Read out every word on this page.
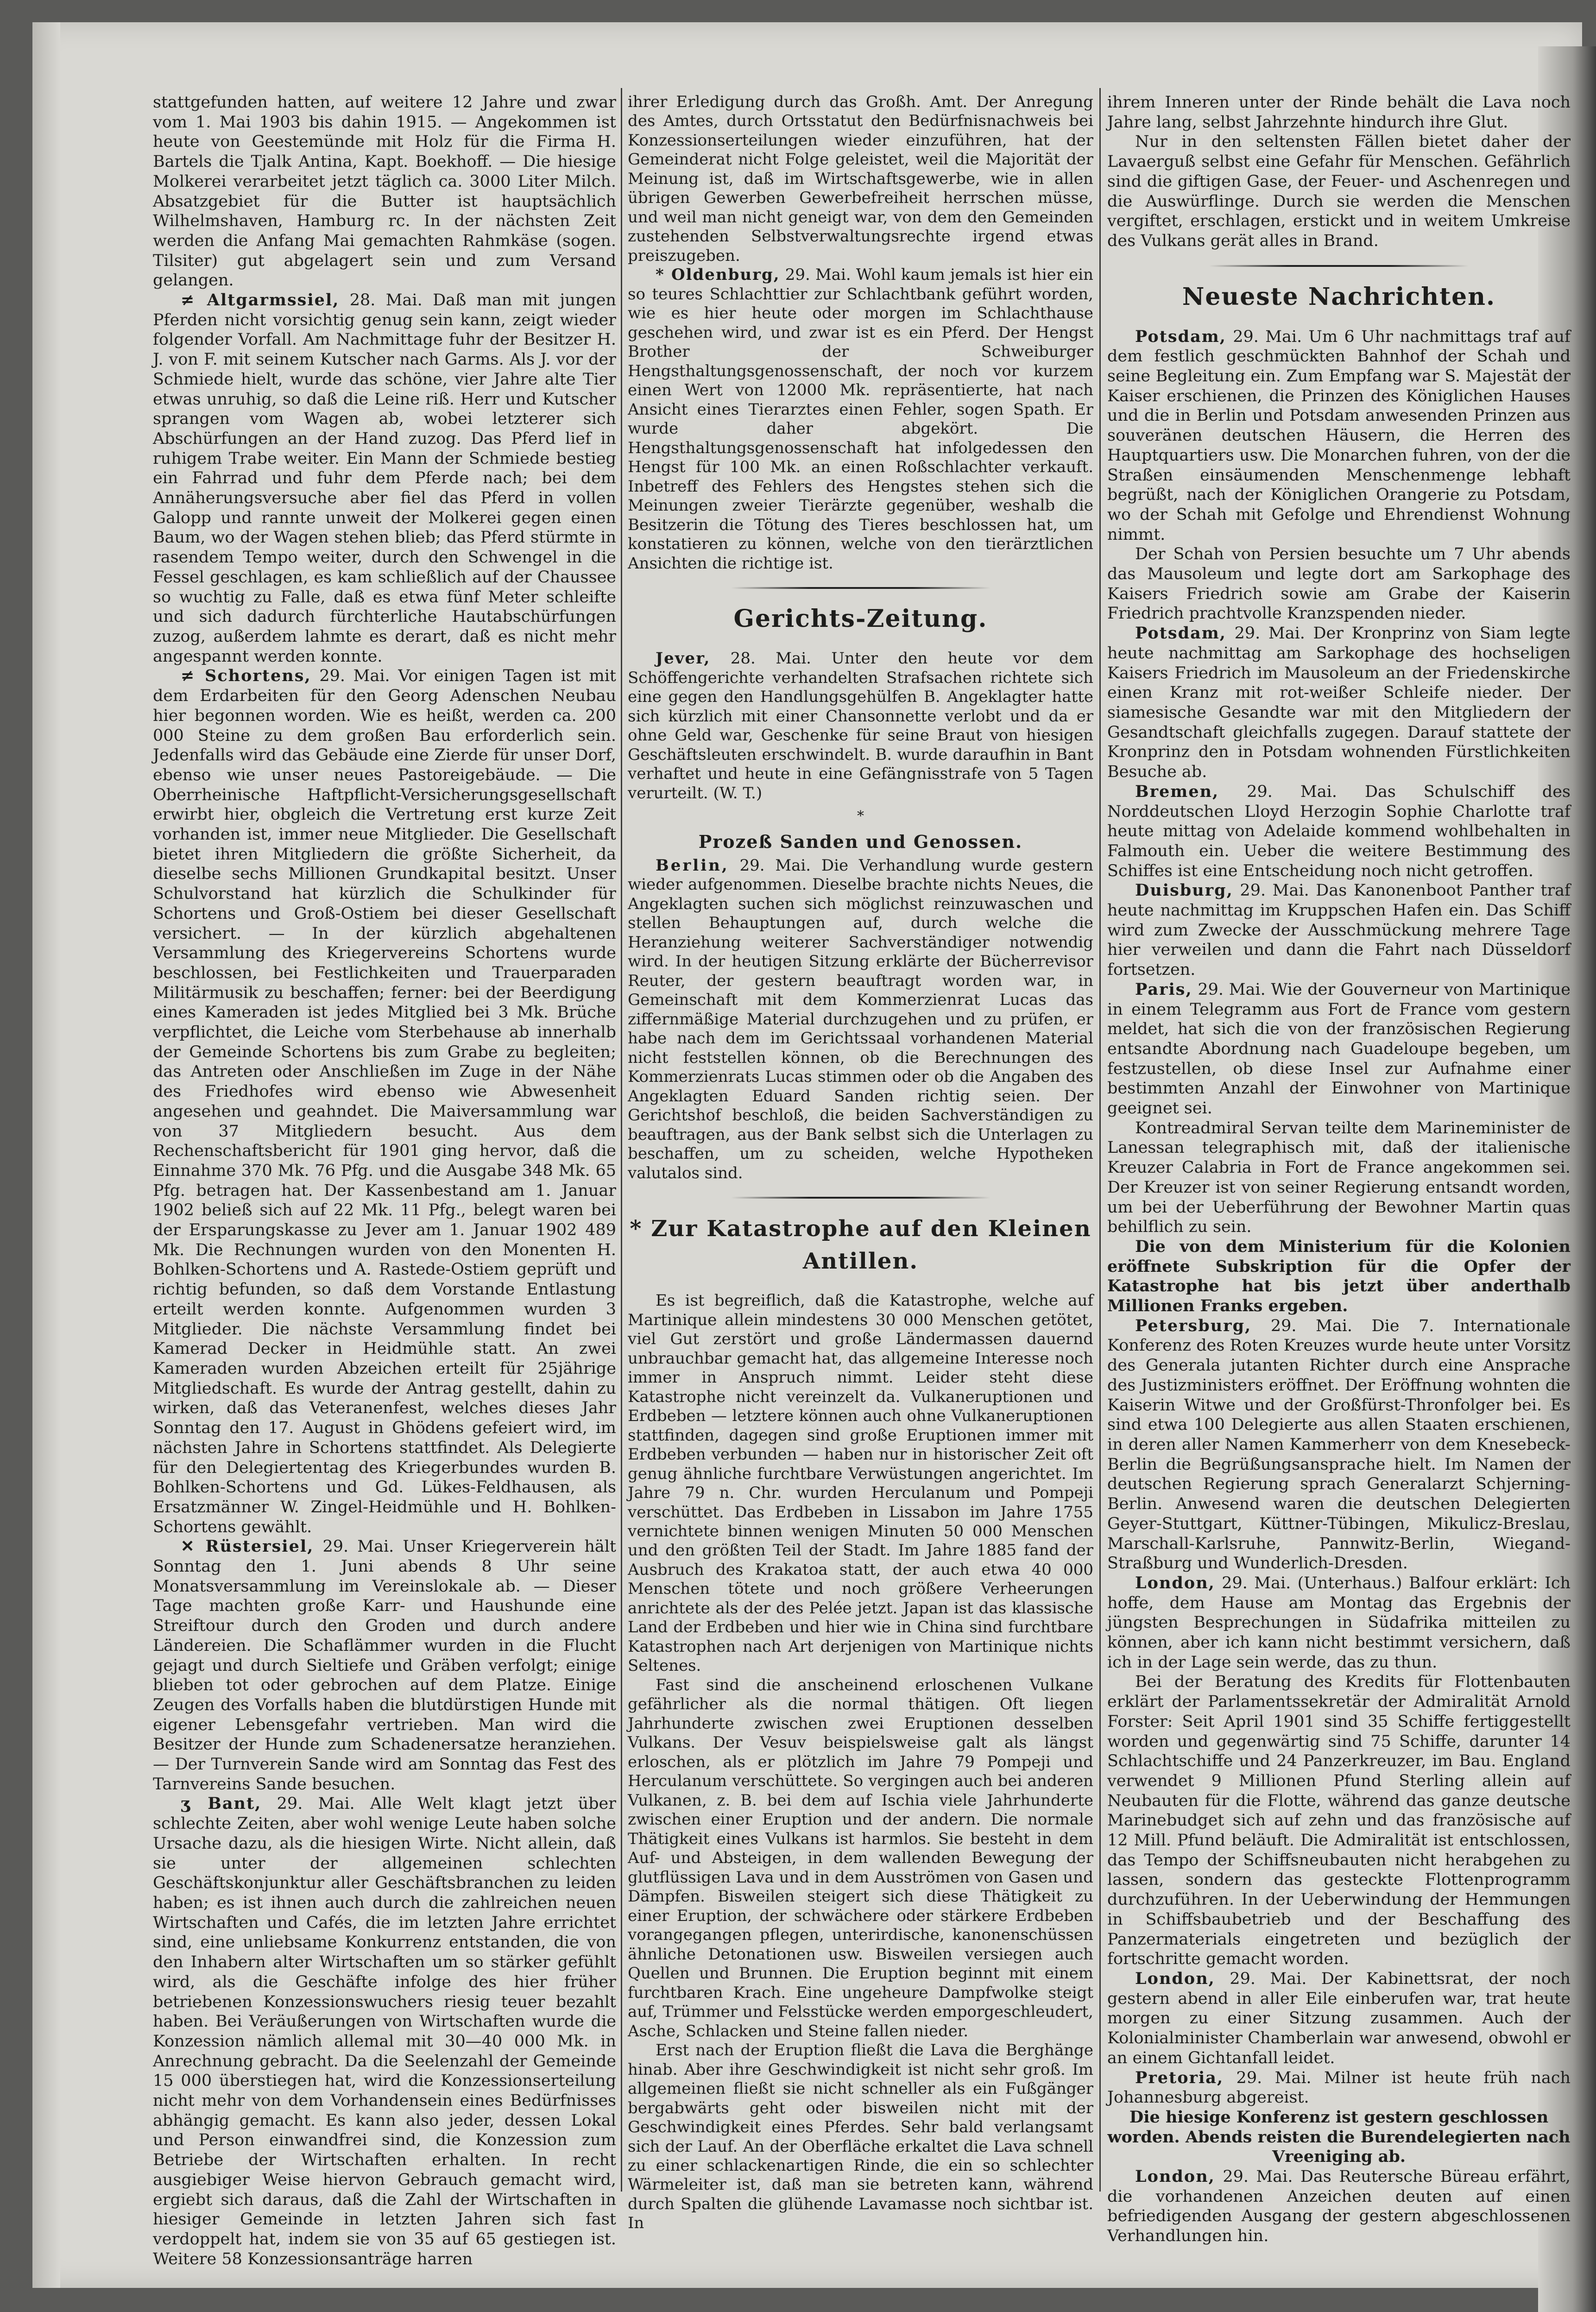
stattgefunden hatten, auf weitere 12 Jahre und zwar vom 1. Mai 1903 bis dahin 1915. — Angekommen ist heute von Geestemünde mit Holz für die Firma H. Bartels die Tjalk Antina, Kapt. Boekhoff. — Die hiesige Molkerei verarbeitet jetzt täglich ca. 3000 Liter Milch. Absatzgebiet für die Butter ist hauptsächlich Wilhelmshaven, Hamburg rc. In der nächsten Zeit werden die Anfang Mai gemachten Rahmkäse (sogen. Tilsiter) gut abgelagert sein und zum Versand gelangen.

≠ Altgarmssiel, 28. Mai. Daß man mit jungen Pferden nicht vorsichtig genug sein kann, zeigt wieder folgender Vorfall. Am Nachmittage fuhr der Besitzer H. J. von F. mit seinem Kutscher nach Garms. Als J. vor der Schmiede hielt, wurde das schöne, vier Jahre alte Tier etwas unruhig, so daß die Leine riß. Herr und Kutscher sprangen vom Wagen ab, wobei letzterer sich Abschürfungen an der Hand zuzog. Das Pferd lief in ruhigem Trabe weiter. Ein Mann der Schmiede bestieg ein Fahrrad und fuhr dem Pferde nach; bei dem Annäherungsversuche aber fiel das Pferd in vollen Galopp und rannte unweit der Molkerei gegen einen Baum, wo der Wagen stehen blieb; das Pferd stürmte in rasendem Tempo weiter, durch den Schwengel in die Fessel geschlagen, es kam schließlich auf der Chaussee so wuchtig zu Falle, daß es etwa fünf Meter schleifte und sich dadurch fürchterliche Hautabschürfungen zuzog, außerdem lahmte es derart, daß es nicht mehr angespannt werden konnte.

≠ Schortens, 29. Mai. Vor einigen Tagen ist mit dem Erdarbeiten für den Georg Adenschen Neubau hier begonnen worden. Wie es heißt, werden ca. 200 000 Steine zu dem großen Bau erforderlich sein. Jedenfalls wird das Gebäude eine Zierde für unser Dorf, ebenso wie unser neues Pastoreigebäude. — Die Oberrheinische Haftpflicht-Versicherungsgesellschaft erwirbt hier, obgleich die Vertretung erst kurze Zeit vorhanden ist, immer neue Mitglieder. Die Gesellschaft bietet ihren Mitgliedern die größte Sicherheit, da dieselbe sechs Millionen Grundkapital besitzt. Unser Schulvorstand hat kürzlich die Schulkinder für Schortens und Groß-Ostiem bei dieser Gesellschaft versichert. — In der kürzlich abgehaltenen Versammlung des Kriegervereins Schortens wurde beschlossen, bei Festlichkeiten und Trauerparaden Militärmusik zu beschaffen; ferner: bei der Beerdigung eines Kameraden ist jedes Mitglied bei 3 Mk. Brüche verpflichtet, die Leiche vom Sterbehause ab innerhalb der Gemeinde Schortens bis zum Grabe zu begleiten; das Antreten oder Anschließen im Zuge in der Nähe des Friedhofes wird ebenso wie Abwesenheit angesehen und geahndet. Die Maiversammlung war von 37 Mitgliedern besucht. Aus dem Rechenschaftsbericht für 1901 ging hervor, daß die Einnahme 370 Mk. 76 Pfg. und die Ausgabe 348 Mk. 65 Pfg. betragen hat. Der Kassenbestand am 1. Januar 1902 beließ sich auf 22 Mk. 11 Pfg., belegt waren bei der Ersparungskasse zu Jever am 1. Januar 1902 489 Mk. Die Rechnungen wurden von den Monenten H. Bohlken-Schortens und A. Rastede-Ostiem geprüft und richtig befunden, so daß dem Vorstande Entlastung erteilt werden konnte. Aufgenommen wurden 3 Mitglieder. Die nächste Versammlung findet bei Kamerad Decker in Heidmühle statt. An zwei Kameraden wurden Abzeichen erteilt für 25jährige Mitgliedschaft. Es wurde der Antrag gestellt, dahin zu wirken, daß das Veteranenfest, welches dieses Jahr Sonntag den 17. August in Ghödens gefeiert wird, im nächsten Jahre in Schortens stattfindet. Als Delegierte für den Delegiertentag des Kriegerbundes wurden B. Bohlken-Schortens und Gd. Lükes-Feldhausen, als Ersatzmänner W. Zingel-Heidmühle und H. Bohlken-Schortens gewählt.

✕ Rüstersiel, 29. Mai. Unser Kriegerverein hält Sonntag den 1. Juni abends 8 Uhr seine Monatsversammlung im Vereinslokale ab. — Dieser Tage machten große Karr- und Haushunde eine Streiftour durch den Groden und durch andere Ländereien. Die Schaflämmer wurden in die Flucht gejagt und durch Sieltiefe und Gräben verfolgt; einige blieben tot oder gebrochen auf dem Platze. Einige Zeugen des Vorfalls haben die blutdürstigen Hunde mit eigener Lebensgefahr vertrieben. Man wird die Besitzer der Hunde zum Schadenersatze heranziehen. — Der Turnverein Sande wird am Sonntag das Fest des Tarnvereins Sande besuchen.

ʒ Bant, 29. Mai. Alle Welt klagt jetzt über schlechte Zeiten, aber wohl wenige Leute haben solche Ursache dazu, als die hiesigen Wirte. Nicht allein, daß sie unter der allgemeinen schlechten Geschäftskonjunktur aller Geschäftsbranchen zu leiden haben; es ist ihnen auch durch die zahlreichen neuen Wirtschaften und Cafés, die im letzten Jahre errichtet sind, eine unliebsame Konkurrenz entstanden, die von den Inhabern alter Wirtschaften um so stärker gefühlt wird, als die Geschäfte infolge des hier früher betriebenen Konzessionswuchers riesig teuer bezahlt haben. Bei Veräußerungen von Wirtschaften wurde die Konzession nämlich allemal mit 30—40 000 Mk. in Anrechnung gebracht. Da die Seelenzahl der Gemeinde 15 000 überstiegen hat, wird die Konzessionserteilung nicht mehr von dem Vorhandensein eines Bedürfnisses abhängig gemacht. Es kann also jeder, dessen Lokal und Person einwandfrei sind, die Konzession zum Betriebe der Wirtschaften erhalten. In recht ausgiebiger Weise hiervon Gebrauch gemacht wird, ergiebt sich daraus, daß die Zahl der Wirtschaften in hiesiger Gemeinde in letzten Jahren sich fast verdoppelt hat, indem sie von 35 auf 65 gestiegen ist. Weitere 58 Konzessionsanträge harren

ihrer Erledigung durch das Großh. Amt. Der Anregung des Amtes, durch Ortsstatut den Bedürfnisnachweis bei Konzessionserteilungen wieder einzuführen, hat der Gemeinderat nicht Folge geleistet, weil die Majorität der Meinung ist, daß im Wirtschaftsgewerbe, wie in allen übrigen Gewerben Gewerbefreiheit herrschen müsse, und weil man nicht geneigt war, von dem den Gemeinden zustehenden Selbstverwaltungsrechte irgend etwas preiszugeben.

* Oldenburg, 29. Mai. Wohl kaum jemals ist hier ein so teures Schlachttier zur Schlachtbank geführt worden, wie es hier heute oder morgen im Schlachthause geschehen wird, und zwar ist es ein Pferd. Der Hengst Brother der Schweiburger Hengsthaltungsgenossenschaft, der noch vor kurzem einen Wert von 12000 Mk. repräsentierte, hat nach Ansicht eines Tierarztes einen Fehler, sogen Spath. Er wurde daher abgekört. Die Hengsthaltungsgenossenschaft hat infolgedessen den Hengst für 100 Mk. an einen Roßschlachter verkauft. Inbetreff des Fehlers des Hengstes stehen sich die Meinungen zweier Tierärzte gegenüber, weshalb die Besitzerin die Tötung des Tieres beschlossen hat, um konstatieren zu können, welche von den tierärztlichen Ansichten die richtige ist.

Gerichts-Zeitung.

Jever, 28. Mai. Unter den heute vor dem Schöffengerichte verhandelten Strafsachen richtete sich eine gegen den Handlungsgehülfen B. Angeklagter hatte sich kürzlich mit einer Chansonnette verlobt und da er ohne Geld war, Geschenke für seine Braut von hiesigen Geschäftsleuten erschwindelt. B. wurde daraufhin in Bant verhaftet und heute in eine Gefängnisstrafe von 5 Tagen verurteilt. (W. T.)

*
Prozeß Sanden und Genossen.

Berlin, 29. Mai. Die Verhandlung wurde gestern wieder aufgenommen. Dieselbe brachte nichts Neues, die Angeklagten suchen sich möglichst reinzuwaschen und stellen Behauptungen auf, durch welche die Heranziehung weiterer Sachverständiger notwendig wird. In der heutigen Sitzung erklärte der Bücherrevisor Reuter, der gestern beauftragt worden war, in Gemeinschaft mit dem Kommerzienrat Lucas das ziffernmäßige Material durchzugehen und zu prüfen, er habe nach dem im Gerichtssaal vorhandenen Material nicht feststellen können, ob die Berechnungen des Kommerzienrats Lucas stimmen oder ob die Angaben des Angeklagten Eduard Sanden richtig seien. Der Gerichtshof beschloß, die beiden Sachverständigen zu beauftragen, aus der Bank selbst sich die Unterlagen zu beschaffen, um zu scheiden, welche Hypotheken valutalos sind.

* Zur Katastrophe auf den Kleinen Antillen.

Es ist begreiflich, daß die Katastrophe, welche auf Martinique allein mindestens 30 000 Menschen getötet, viel Gut zerstört und große Ländermassen dauernd unbrauchbar gemacht hat, das allgemeine Interesse noch immer in Anspruch nimmt. Leider steht diese Katastrophe nicht vereinzelt da. Vulkaneruptionen und Erdbeben — letztere können auch ohne Vulkaneruptionen stattfinden, dagegen sind große Eruptionen immer mit Erdbeben verbunden — haben nur in historischer Zeit oft genug ähnliche furchtbare Verwüstungen angerichtet. Im Jahre 79 n. Chr. wurden Herculanum und Pompeji verschüttet. Das Erdbeben in Lissabon im Jahre 1755 vernichtete binnen wenigen Minuten 50 000 Menschen und den größten Teil der Stadt. Im Jahre 1885 fand der Ausbruch des Krakatoa statt, der auch etwa 40 000 Menschen tötete und noch größere Verheerungen anrichtete als der des Pelée jetzt. Japan ist das klassische Land der Erdbeben und hier wie in China sind furchtbare Katastrophen nach Art derjenigen von Martinique nichts Seltenes.

Fast sind die anscheinend erloschenen Vulkane gefährlicher als die normal thätigen. Oft liegen Jahrhunderte zwischen zwei Eruptionen desselben Vulkans. Der Vesuv beispielsweise galt als längst erloschen, als er plötzlich im Jahre 79 Pompeji und Herculanum verschüttete. So vergingen auch bei anderen Vulkanen, z. B. bei dem auf Ischia viele Jahrhunderte zwischen einer Eruption und der andern. Die normale Thätigkeit eines Vulkans ist harmlos. Sie besteht in dem Auf- und Absteigen, in dem wallenden Bewegung der glutflüssigen Lava und in dem Ausströmen von Gasen und Dämpfen. Bisweilen steigert sich diese Thätigkeit zu einer Eruption, der schwächere oder stärkere Erdbeben vorangegangen pflegen, unterirdische, kanonenschüssen ähnliche Detonationen usw. Bisweilen versiegen auch Quellen und Brunnen. Die Eruption beginnt mit einem furchtbaren Krach. Eine ungeheure Dampfwolke steigt auf, Trümmer und Felsstücke werden emporgeschleudert, Asche, Schlacken und Steine fallen nieder.

Erst nach der Eruption fließt die Lava die Berghänge hinab. Aber ihre Geschwindigkeit ist nicht sehr groß. Im allgemeinen fließt sie nicht schneller als ein Fußgänger bergabwärts geht oder bisweilen nicht mit der Geschwindigkeit eines Pferdes. Sehr bald verlangsamt sich der Lauf. An der Oberfläche erkaltet die Lava schnell zu einer schlackenartigen Rinde, die ein so schlechter Wärmeleiter ist, daß man sie betreten kann, während durch Spalten die glühende Lavamasse noch sichtbar ist. In

ihrem Inneren unter der Rinde behält die Lava noch Jahre lang, selbst Jahrzehnte hindurch ihre Glut.

Nur in den seltensten Fällen bietet daher der Lavaerguß selbst eine Gefahr für Menschen. Gefährlich sind die giftigen Gase, der Feuer- und Aschenregen und die Auswürflinge. Durch sie werden die Menschen vergiftet, erschlagen, erstickt und in weitem Umkreise des Vulkans gerät alles in Brand.

Neueste Nachrichten.

Potsdam, 29. Mai. Um 6 Uhr nachmittags traf auf dem festlich geschmückten Bahnhof der Schah und seine Begleitung ein. Zum Empfang war S. Majestät der Kaiser erschienen, die Prinzen des Königlichen Hauses und die in Berlin und Potsdam anwesenden Prinzen aus souveränen deutschen Häusern, die Herren des Hauptquartiers usw. Die Monarchen fuhren, von der die Straßen einsäumenden Menschenmenge lebhaft begrüßt, nach der Königlichen Orangerie zu Potsdam, wo der Schah mit Gefolge und Ehrendienst Wohnung nimmt.

Der Schah von Persien besuchte um 7 Uhr abends das Mausoleum und legte dort am Sarkophage des Kaisers Friedrich sowie am Grabe der Kaiserin Friedrich prachtvolle Kranzspenden nieder.

Potsdam, 29. Mai. Der Kronprinz von Siam legte heute nachmittag am Sarkophage des hochseligen Kaisers Friedrich im Mausoleum an der Friedenskirche einen Kranz mit rot-weißer Schleife nieder. Der siamesische Gesandte war mit den Mitgliedern der Gesandtschaft gleichfalls zugegen. Darauf stattete der Kronprinz den in Potsdam wohnenden Fürstlichkeiten Besuche ab.

Bremen, 29. Mai. Das Schulschiff des Norddeutschen Lloyd Herzogin Sophie Charlotte traf heute mittag von Adelaide kommend wohlbehalten in Falmouth ein. Ueber die weitere Bestimmung des Schiffes ist eine Entscheidung noch nicht getroffen.

Duisburg, 29. Mai. Das Kanonenboot Panther traf heute nachmittag im Kruppschen Hafen ein. Das Schiff wird zum Zwecke der Ausschmückung mehrere Tage hier verweilen und dann die Fahrt nach Düsseldorf fortsetzen.

Paris, 29. Mai. Wie der Gouverneur von Martinique in einem Telegramm aus Fort de France vom gestern meldet, hat sich die von der französischen Regierung entsandte Abordnung nach Guadeloupe begeben, um festzustellen, ob diese Insel zur Aufnahme einer bestimmten Anzahl der Einwohner von Martinique geeignet sei.

Kontreadmiral Servan teilte dem Marineminister de Lanessan telegraphisch mit, daß der italienische Kreuzer Calabria in Fort de France angekommen sei. Der Kreuzer ist von seiner Regierung entsandt worden, um bei der Ueberführung der Bewohner Martin quas behilflich zu sein.

Die von dem Ministerium für die Kolonien eröffnete Subskription für die Opfer der Katastrophe hat bis jetzt über anderthalb Millionen Franks ergeben.

Petersburg, 29. Mai. Die 7. Internationale Konferenz des Roten Kreuzes wurde heute unter Vorsitz des Generala jutanten Richter durch eine Ansprache des Justizministers eröffnet. Der Eröffnung wohnten die Kaiserin Witwe und der Großfürst-Thronfolger bei. Es sind etwa 100 Delegierte aus allen Staaten erschienen, in deren aller Namen Kammerherr von dem Knesebeck-Berlin die Begrüßungsansprache hielt. Im Namen der deutschen Regierung sprach Generalarzt Schjerning-Berlin. Anwesend waren die deutschen Delegierten Geyer-Stuttgart, Küttner-Tübingen, Mikulicz-Breslau, Marschall-Karlsruhe, Pannwitz-Berlin, Wiegand-Straßburg und Wunderlich-Dresden.

London, 29. Mai. (Unterhaus.) Balfour erklärt: Ich hoffe, dem Hause am Montag das Ergebnis der jüngsten Besprechungen in Südafrika mitteilen zu können, aber ich kann nicht bestimmt versichern, daß ich in der Lage sein werde, das zu thun.

Bei der Beratung des Kredits für Flottenbauten erklärt der Parlamentssekretär der Admiralität Arnold Forster: Seit April 1901 sind 35 Schiffe fertiggestellt worden und gegenwärtig sind 75 Schiffe, darunter 14 Schlachtschiffe und 24 Panzerkreuzer, im Bau. England verwendet 9 Millionen Pfund Sterling allein auf Neubauten für die Flotte, während das ganze deutsche Marinebudget sich auf zehn und das französische auf 12 Mill. Pfund beläuft. Die Admiralität ist entschlossen, das Tempo der Schiffsneubauten nicht herabgehen zu lassen, sondern das gesteckte Flottenprogramm durchzuführen. In der Ueberwindung der Hemmungen in Schiffsbaubetrieb und der Beschaffung des Panzermaterials eingetreten und bezüglich der fortschritte gemacht worden.

London, 29. Mai. Der Kabinettsrat, der noch gestern abend in aller Eile einberufen war, trat heute morgen zu einer Sitzung zusammen. Auch der Kolonialminister Chamberlain war anwesend, obwohl er an einem Gichtanfall leidet.

Pretoria, 29. Mai. Milner ist heute früh nach Johannesburg abgereist.

Die hiesige Konferenz ist gestern geschlossen worden. Abends reisten die Burendelegierten nach Vreeniging ab.

London, 29. Mai. Das Reutersche Büreau erfährt, die vorhandenen Anzeichen deuten auf einen befriedigenden Ausgang der gestern abgeschlossenen Verhandlungen hin.
